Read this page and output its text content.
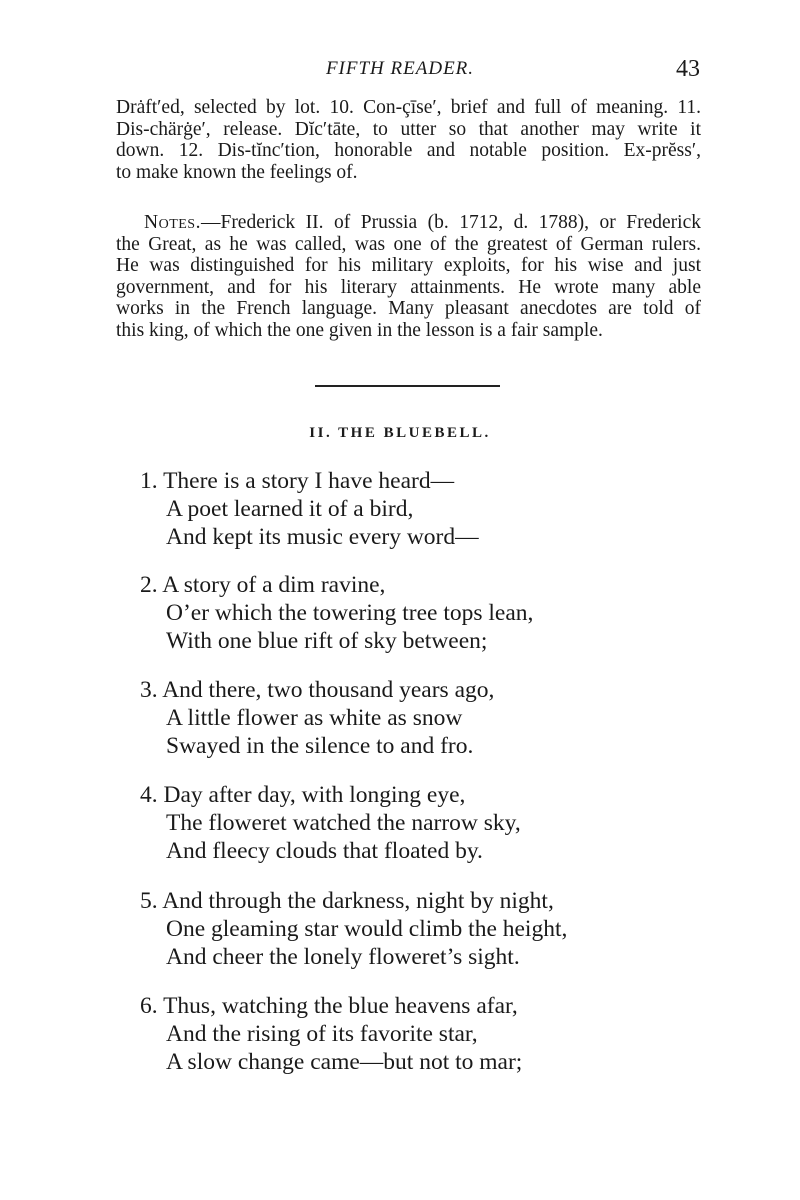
FIFTH READER.	43
Drȧft′ed, selected by lot. 10. Con-çīse′, brief and full of meaning. 11.
Dis-chärġe′, release. Dĭc′tāte, to utter so that another may write it
down. 12. Dis-tĭnc′tion, honorable and notable position. Ex-prĕss′,
to make known the feelings of.
Notes.—Frederick II. of Prussia (b. 1712, d. 1788), or Frederick
the Great, as he was called, was one of the greatest of German rulers.
He was distinguished for his military exploits, for his wise and just
government, and for his literary attainments. He wrote many able
works in the French language. Many pleasant anecdotes are told of
this king, of which the one given in the lesson is a fair sample.
II. THE BLUEBELL.
1. There is a story I have heard—
A poet learned it of a bird,
And kept its music every word—
2. A story of a dim ravine,
O’er which the towering tree tops lean,
With one blue rift of sky between;
3. And there, two thousand years ago,
A little flower as white as snow
Swayed in the silence to and fro.
4. Day after day, with longing eye,
The floweret watched the narrow sky,
And fleecy clouds that floated by.
5. And through the darkness, night by night,
One gleaming star would climb the height,
And cheer the lonely floweret’s sight.
6. Thus, watching the blue heavens afar,
And the rising of its favorite star,
A slow change came—but not to mar;
